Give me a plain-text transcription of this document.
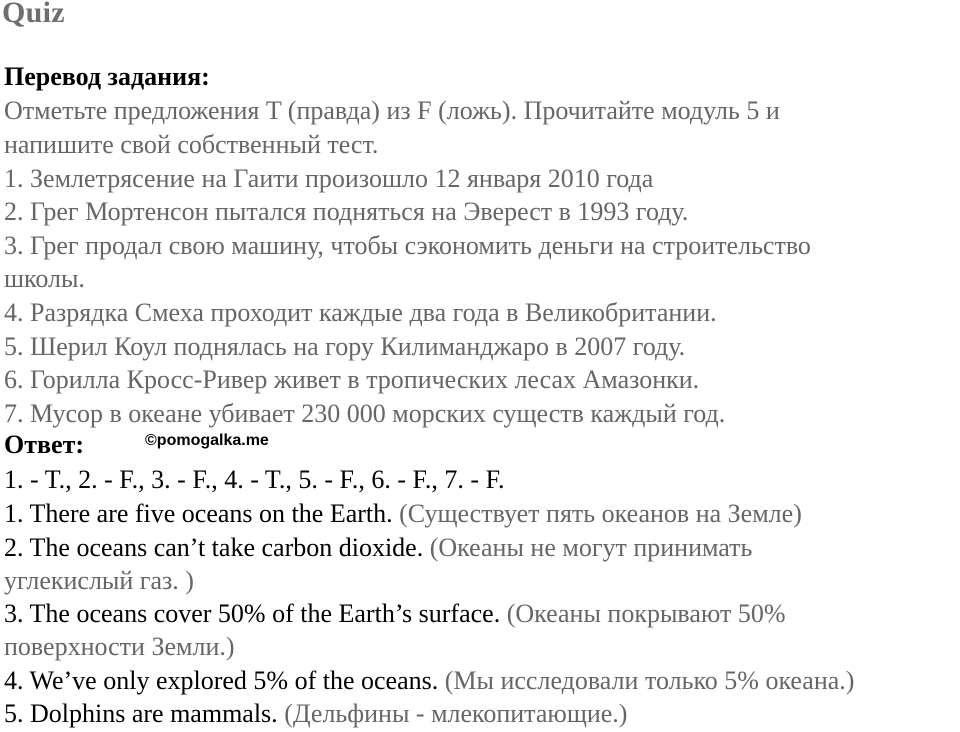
Quiz
Перевод задания:
Отметьте предложения T (правда) из F (ложь). Прочитайте модуль 5 и
напишите свой собственный тест.
1. Землетрясение на Гаити произошло 12 января 2010 года
2. Грег Мортенсон пытался подняться на Эверест в 1993 году.
3. Грег продал свою машину, чтобы сэкономить деньги на строительство
школы.
4. Разрядка Смеха проходит каждые два года в Великобритании.
5. Шерил Коул поднялась на гору Килиманджаро в 2007 году.
6. Горилла Кросс-Ривер живет в тропических лесах Амазонки.
7. Мусор в океане убивает 230 000 морских существ каждый год.
Ответ:	©pomogalka.me
1. - T., 2. - F., 3. - F., 4. - T., 5. - F., 6. - F., 7. - F.
1. There are five oceans on the Earth. (Существует пять океанов на Земле)
2. The oceans can’t take carbon dioxide. (Океаны не могут принимать
углекислый газ. )
3. The oceans cover 50% of the Earth’s surface. (Океаны покрывают 50%
поверхности Земли.)
4. We’ve only explored 5% of the oceans. (Мы исследовали только 5% океана.)
5. Dolphins are mammals. (Дельфины - млекопитающие.)
